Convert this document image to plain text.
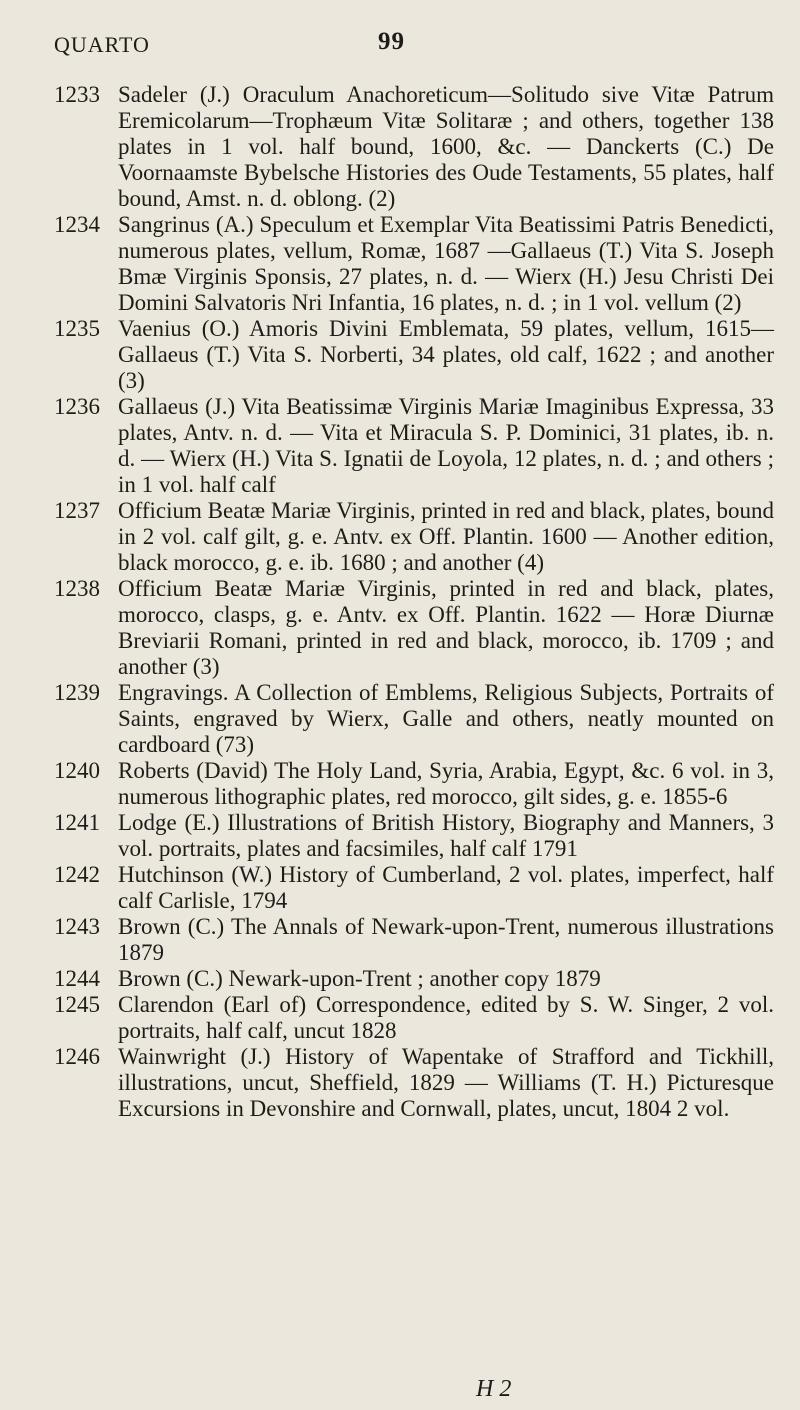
QUARTO	99
1233 Sadeler (J.) Oraculum Anachoreticum—Solitudo sive Vitæ Patrum Eremicolarum—Trophæum Vitæ Solitaræ ; and others, together 138 plates in 1 vol. half bound, 1600, &c. — Danckerts (C.) De Voornaamste Bybelsche Histories des Oude Testaments, 55 plates, half bound, Amst. n. d. oblong. (2)

1234 Sangrinus (A.) Speculum et Exemplar Vita Beatissimi Patris Benedicti, numerous plates, vellum, Romæ, 1687 —Gallaeus (T.) Vita S. Joseph Bmæ Virginis Sponsis, 27 plates, n. d. — Wierx (H.) Jesu Christi Dei Domini Salvatoris Nri Infantia, 16 plates, n. d. ; in 1 vol. vellum (2)

1235 Vaenius (O.) Amoris Divini Emblemata, 59 plates, vellum, 1615—Gallaeus (T.) Vita S. Norberti, 34 plates, old calf, 1622 ; and another (3)

1236 Gallaeus (J.) Vita Beatissimæ Virginis Mariæ Imaginibus Expressa, 33 plates, Antv. n. d. — Vita et Miracula S. P. Dominici, 31 plates, ib. n. d. — Wierx (H.) Vita S. Ignatii de Loyola, 12 plates, n. d. ; and others ; in 1 vol. half calf

1237 Officium Beatæ Mariæ Virginis, printed in red and black, plates, bound in 2 vol. calf gilt, g. e. Antv. ex Off. Plantin. 1600 — Another edition, black morocco, g. e. ib. 1680 ; and another (4)

1238 Officium Beatæ Mariæ Virginis, printed in red and black, plates, morocco, clasps, g. e. Antv. ex Off. Plantin. 1622 — Horæ Diurnæ Breviarii Romani, printed in red and black, morocco, ib. 1709 ; and another (3)

1239 Engravings. A Collection of Emblems, Religious Subjects, Portraits of Saints, engraved by Wierx, Galle and others, neatly mounted on cardboard (73)

1240 Roberts (David) The Holy Land, Syria, Arabia, Egypt, &c. 6 vol. in 3, numerous lithographic plates, red morocco, gilt sides, g. e. 1855-6

1241 Lodge (E.) Illustrations of British History, Biography and Manners, 3 vol. portraits, plates and facsimiles, half calf 1791

1242 Hutchinson (W.) History of Cumberland, 2 vol. plates, imperfect, half calf Carlisle, 1794

1243 Brown (C.) The Annals of Newark-upon-Trent, numerous illustrations 1879

1244 Brown (C.) Newark-upon-Trent ; another copy 1879

1245 Clarendon (Earl of) Correspondence, edited by S. W. Singer, 2 vol. portraits, half calf, uncut 1828

1246 Wainwright (J.) History of Wapentake of Strafford and Tickhill, illustrations, uncut, Sheffield, 1829 — Williams (T. H.) Picturesque Excursions in Devonshire and Cornwall, plates, uncut, 1804 2 vol.

H 2
